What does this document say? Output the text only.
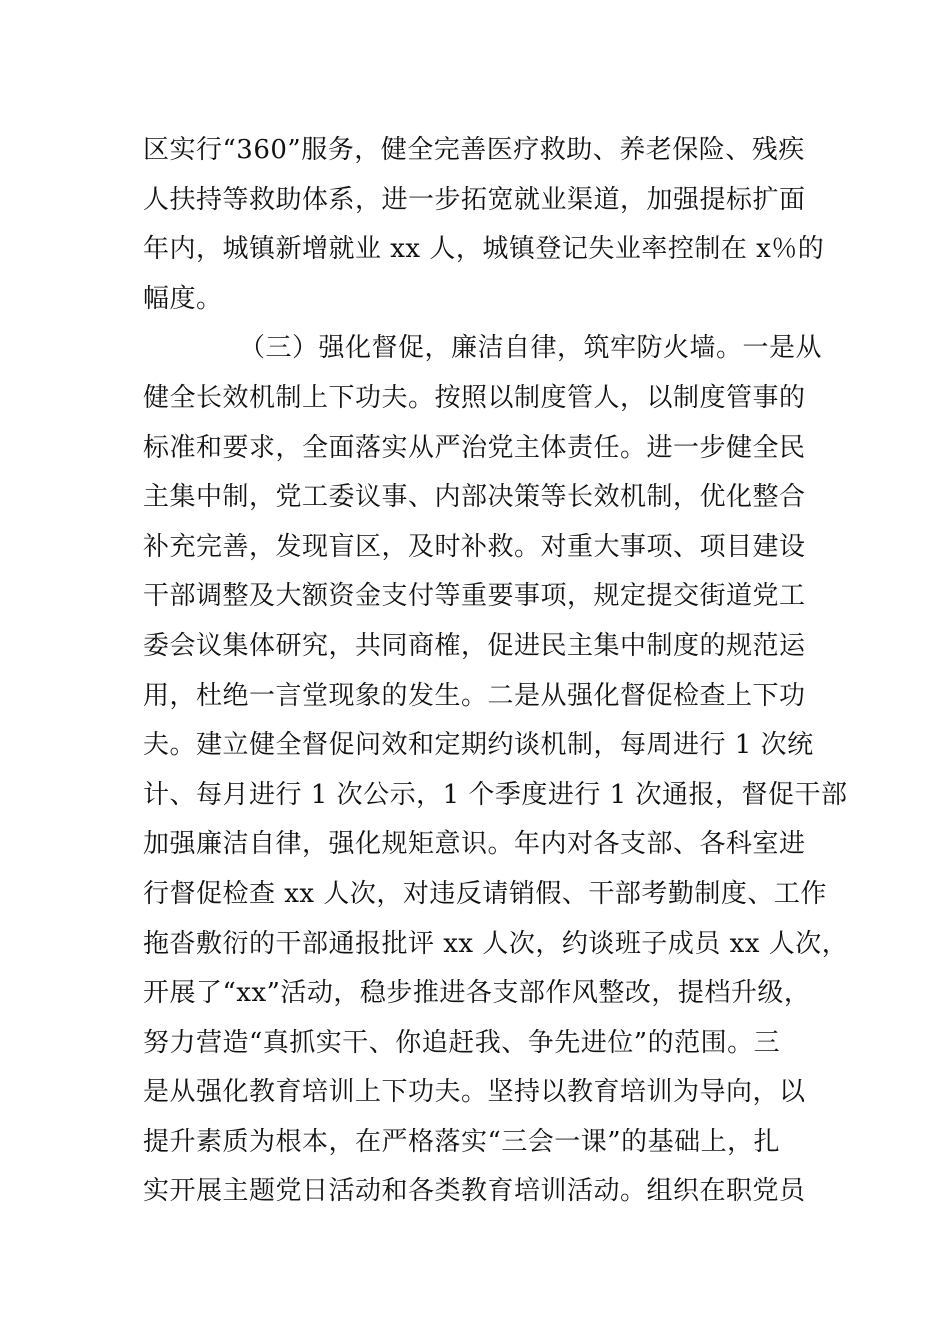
区实行“360”服务，健全完善医疗救助、养老保险、残疾
人扶持等救助体系，进一步拓宽就业渠道，加强提标扩面
年内，城镇新增就业 xx 人，城镇登记失业率控制在 x％的
幅度。
（三）强化督促，廉洁自律，筑牢防火墙。一是从
健全长效机制上下功夫。按照以制度管人，以制度管事的
标准和要求，全面落实从严治党主体责任。进一步健全民
主集中制，党工委议事、内部决策等长效机制，优化整合
补充完善，发现盲区，及时补救。对重大事项、项目建设
干部调整及大额资金支付等重要事项，规定提交街道党工
委会议集体研究，共同商榷，促进民主集中制度的规范运
用，杜绝一言堂现象的发生。二是从强化督促检查上下功
夫。建立健全督促问效和定期约谈机制，每周进行 1 次统
计、每月进行 1 次公示，1 个季度进行 1 次通报，督促干部
加强廉洁自律，强化规矩意识。年内对各支部、各科室进
行督促检查 xx 人次，对违反请销假、干部考勤制度、工作
拖沓敷衍的干部通报批评 xx 人次，约谈班子成员 xx 人次，
开展了“xx”活动，稳步推进各支部作风整改，提档升级，
努力营造“真抓实干、你追赶我、争先进位”的范围。三
是从强化教育培训上下功夫。坚持以教育培训为导向，以
提升素质为根本，在严格落实“三会一课”的基础上，扎
实开展主题党日活动和各类教育培训活动。组织在职党员
